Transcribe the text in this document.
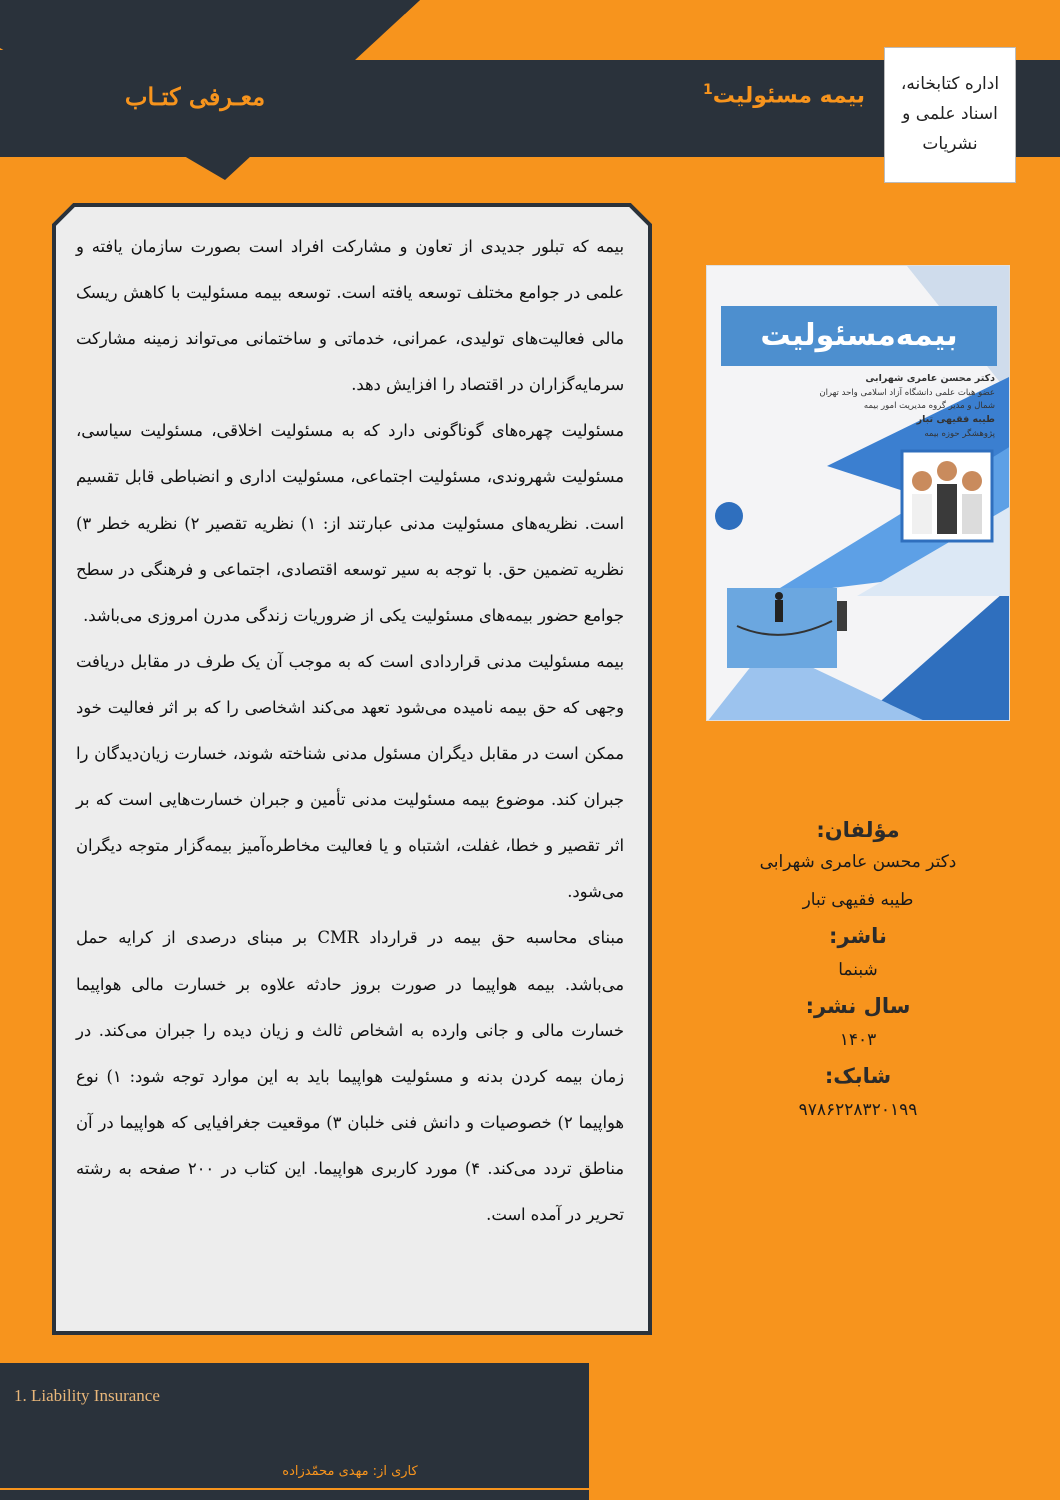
معـرفی کتـاب	بیمه مسئولیت$^1$	اداره کتابخانه، اسناد علمی و نشریات

بیمه که تبلور جدیدی از تعاون و مشارکت افراد است بصورت سازمان یافته و علمی در جوامع مختلف توسعه یافته است. توسعه بیمه مسئولیت با کاهش ریسک مالی فعالیت‌های تولیدی، عمرانی، خدماتی و ساختمانی می‌تواند زمینه مشارکت سرمایه‌گزاران در اقتصاد را افزایش دهد.

مسئولیت چهره‌های گوناگونی دارد که به مسئولیت اخلاقی، مسئولیت سیاسی، مسئولیت شهروندی، مسئولیت اجتماعی، مسئولیت اداری و انضباطی قابل تقسیم است. نظریه‌های مسئولیت مدنی عبارتند از: ۱) نظریه تقصیر ۲) نظریه خطر ۳) نظریه تضمین حق. با توجه به سیر توسعه اقتصادی، اجتماعی و فرهنگی در سطح جوامع حضور بیمه‌های مسئولیت یکی از ضروریات زندگی مدرن امروزی می‌باشد.

بیمه مسئولیت مدنی قراردادی است که به موجب آن یک طرف در مقابل دریافت وجهی که حق بیمه نامیده می‌شود تعهد می‌کند اشخاصی را که بر اثر فعالیت خود ممکن است در مقابل دیگران مسئول مدنی شناخته شوند، خسارت زیان‌دیدگان را جبران کند. موضوع بیمه مسئولیت مدنی تأمین و جبران خسارت‌هایی است که بر اثر تقصیر و خطا، غفلت، اشتباه و یا فعالیت مخاطره‌آمیز بیمه‌گزار متوجه دیگران می‌شود.

مبنای محاسبه حق بیمه در قرارداد CMR بر مبنای درصدی از کرایه حمل می‌باشد. بیمه هواپیما در صورت بروز حادثه علاوه بر خسارت مالی هواپیما خسارت مالی و جانی وارده به اشخاص ثالث و زیان دیده را جبران می‌کند. در زمان بیمه کردن بدنه و مسئولیت هواپیما باید به این موارد توجه شود: ۱) نوع هواپیما ۲) خصوصیات و دانش فنی خلبان ۳) موقعیت جغرافیایی که هواپیما در آن مناطق تردد می‌کند. ۴) مورد کاربری هواپیما. این کتاب در ۲۰۰ صفحه به رشته تحریر در آمده است.

بیمه‌مسئولیت
دکتر محسن عامری شهرابی
عضو هیات علمی دانشگاه آزاد اسلامی واحد تهران شمال و مدیر گروه مدیریت امور بیمه
طیبه فقیهی تبار
پژوهشگر حوزه بیمه
مؤلفان:
دکتر محسن عامری شهرابی
طیبه فقیهی تبار
ناشر:
شبنما
سال نشر:
۱۴۰۳
شابک:
۹۷۸۶۲۲۸۳۲۰۱۹۹
1. Liability Insurance
کاری از: مهدی محمّدزاده
